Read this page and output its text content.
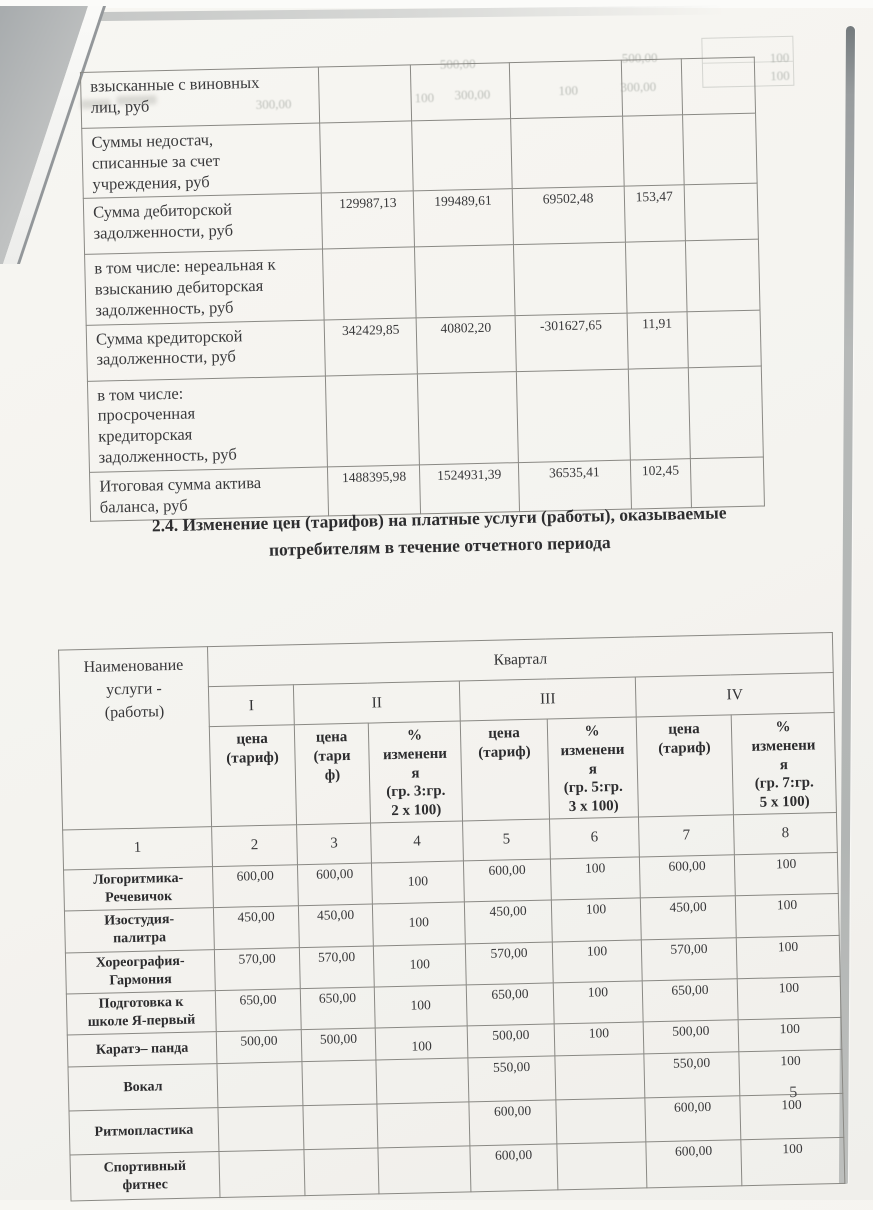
500,00	500,00	100
300,00	100 300,00	100	300,00
100
взысканные с виновных
лиц, руб					
Суммы недостач,
списанные за счет
учреждения, руб					
Сумма дебиторской
задолженности, руб	129987,13	199489,61	69502,48	153,47	
в том числе: нереальная к
взысканию дебиторская
задолженность, руб					
Сумма кредиторской
задолженности, руб	342429,85	40802,20	-301627,65	11,91	
в том числе:
просроченная
кредиторская
задолженность, руб					
Итоговая сумма актива
баланса, руб	1488395,98	1524931,39	36535,41	102,45	
2.4. Изменение цен (тарифов) на платные услуги (работы), оказываемые
потребителям в течение отчетного периода
Наименование
услуги -
(работы)	Квартал						
	I	II		III		IV	
	цена
(тариф)	цена
(тари
ф)	%
изменени
я
(гр. 3:гр.
2 x 100)	цена
(тариф)	%
изменени
я
(гр. 5:гр.
3 x 100)	цена
(тариф)	%
изменени
я
(гр. 7:гр.
5 x 100)
1	2	3	4	5	6	7	8
Логоритмика-
Речевичок	600,00	600,00	100	600,00	100	600,00	100
Изостудия-
палитра	450,00	450,00	100	450,00	100	450,00	100
Хореография-
Гармония	570,00	570,00	100	570,00	100	570,00	100
Подготовка к
школе Я-первый	650,00	650,00	100	650,00	100	650,00	100
Каратэ– панда	500,00	500,00	100	500,00	100	500,00	100
Вокал				550,00		550,00	100
Ритмопластика				600,00		600,00	100
Спортивный
фитнес				600,00		600,00	100
5
